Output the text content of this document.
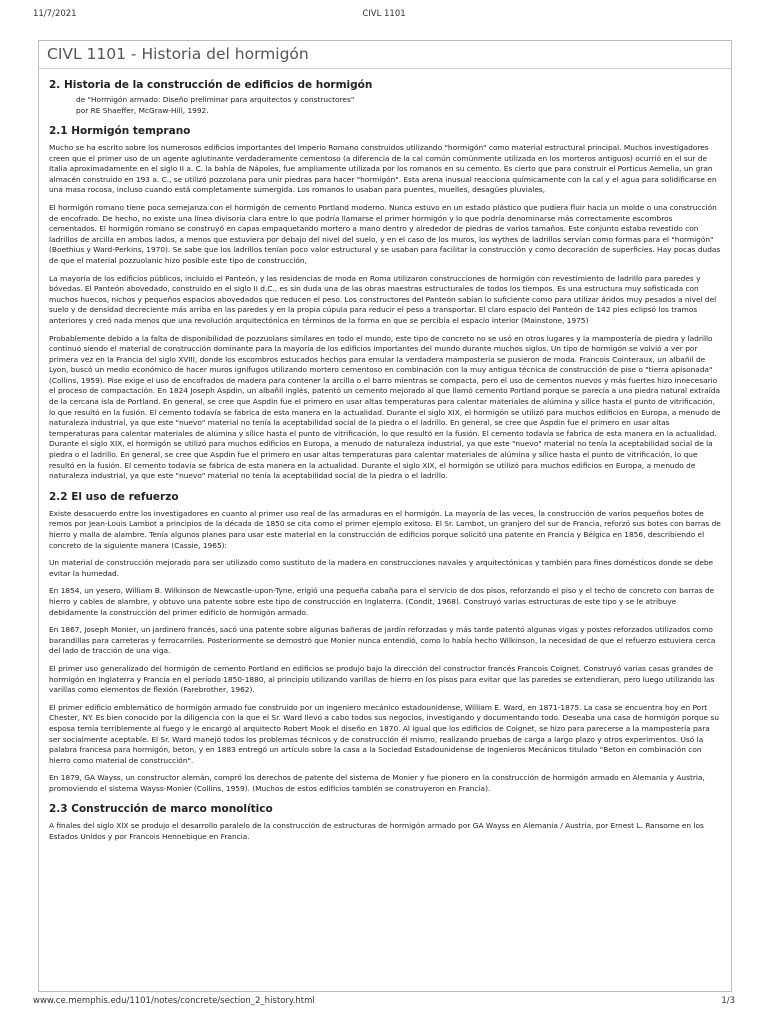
11/7/2021	CIVL 1101
CIVL 1101 - Historia del hormigón
2. Historia de la construcción de edificios de hormigón
de "Hormigón armado: Diseño preliminar para arquitectos y constructores"
por RE Shaeffer, McGraw-Hill, 1992.
2.1 Hormigón temprano

Mucho se ha escrito sobre los numerosos edificios importantes del Imperio Romano construidos utilizando "hormigón" como material estructural principal. Muchos investigadores creen que el primer uso de un agente aglutinante verdaderamente cementoso (a diferencia de la cal común comúnmente utilizada en los morteros antiguos) ocurrió en el sur de Italia aproximadamente en el siglo II a. C. la bahía de Nápoles, fue ampliamente utilizada por los romanos en su cemento. Es cierto que para construir el Porticus Aemelia, un gran almacén construido en 193 a. C., se utilizó pozzolana para unir piedras para hacer "hormigón". Esta arena inusual reacciona químicamente con la cal y el agua para solidificarse en una masa rocosa, incluso cuando está completamente sumergida. Los romanos lo usaban para puentes, muelles, desagües pluviales,

El hormigón romano tiene poca semejanza con el hormigón de cemento Portland moderno. Nunca estuvo en un estado plástico que pudiera fluir hacia un molde o una construcción de encofrado. De hecho, no existe una línea divisoria clara entre lo que podría llamarse el primer hormigón y lo que podría denominarse más correctamente escombros cementados. El hormigón romano se construyó en capas empaquetando mortero a mano dentro y alrededor de piedras de varios tamaños. Este conjunto estaba revestido con ladrillos de arcilla en ambos lados, a menos que estuviera por debajo del nivel del suelo, y en el caso de los muros, los wythes de ladrillos servían como formas para el "hormigón" (Boethius y Ward-Perkins, 1970). Se sabe que los ladrillos tenían poco valor estructural y se usaban para facilitar la construcción y como decoración de superficies. Hay pocas dudas de que el material pozzuolanic hizo posible este tipo de construcción,

La mayoría de los edificios públicos, incluido el Panteón, y las residencias de moda en Roma utilizaron construcciones de hormigón con revestimiento de ladrillo para paredes y bóvedas. El Panteón abovedado, construido en el siglo II d.C., es sin duda una de las obras maestras estructurales de todos los tiempos. Es una estructura muy sofisticada con muchos huecos, nichos y pequeños espacios abovedados que reducen el peso. Los constructores del Panteón sabían lo suficiente como para utilizar áridos muy pesados a nivel del suelo y de densidad decreciente más arriba en las paredes y en la propia cúpula para reducir el peso a transportar. El claro espacio del Panteón de 142 pies eclipsó los tramos anteriores y creó nada menos que una revolución arquitectónica en términos de la forma en que se percibía el espacio interior (Mainstone, 1975)

Probablemente debido a la falta de disponibilidad de pozzuolans similares en todo el mundo, este tipo de concreto no se usó en otros lugares y la mampostería de piedra y ladrillo continuó siendo el material de construcción dominante para la mayoría de los edificios importantes del mundo durante muchos siglos. Un tipo de hormigón se volvió a ver por primera vez en la Francia del siglo XVIII, donde los escombros estucados hechos para emular la verdadera mampostería se pusieron de moda. Francois Cointeraux, un albañil de Lyon, buscó un medio económico de hacer muros ignífugos utilizando mortero cementoso en combinación con la muy antigua técnica de construcción de pise o "tierra apisonada" (Collins, 1959). Pise exige el uso de encofrados de madera para contener la arcilla o el barro mientras se compacta, pero el uso de cementos nuevos y más fuertes hizo innecesario el proceso de compactación. En 1824 Joseph Aspdin, un albañil inglés, patentó un cemento mejorado al que llamó cemento Portland porque se parecía a una piedra natural extraída de la cercana isla de Portland. En general, se cree que Aspdin fue el primero en usar altas temperaturas para calentar materiales de alúmina y sílice hasta el punto de vitrificación, lo que resultó en la fusión. El cemento todavía se fabrica de esta manera en la actualidad. Durante el siglo XIX, el hormigón se utilizó para muchos edificios en Europa, a menudo de naturaleza industrial, ya que este "nuevo" material no tenía la aceptabilidad social de la piedra o el ladrillo. En general, se cree que Aspdin fue el primero en usar altas temperaturas para calentar materiales de alúmina y sílice hasta el punto de vitrificación, lo que resultó en la fusión. El cemento todavía se fabrica de esta manera en la actualidad. Durante el siglo XIX, el hormigón se utilizó para muchos edificios en Europa, a menudo de naturaleza industrial, ya que este "nuevo" material no tenía la aceptabilidad social de la piedra o el ladrillo. En general, se cree que Aspdin fue el primero en usar altas temperaturas para calentar materiales de alúmina y sílice hasta el punto de vitrificación, lo que resultó en la fusión. El cemento todavía se fabrica de esta manera en la actualidad. Durante el siglo XIX, el hormigón se utilizó para muchos edificios en Europa, a menudo de naturaleza industrial, ya que este "nuevo" material no tenía la aceptabilidad social de la piedra o el ladrillo.

2.2 El uso de refuerzo

Existe desacuerdo entre los investigadores en cuanto al primer uso real de las armaduras en el hormigón. La mayoría de las veces, la construcción de varios pequeños botes de remos por Jean-Louis Lambot a principios de la década de 1850 se cita como el primer ejemplo exitoso. El Sr. Lambot, un granjero del sur de Francia, reforzó sus botes con barras de hierro y malla de alambre. Tenía algunos planes para usar este material en la construcción de edificios porque solicitó una patente en Francia y Bélgica en 1856, describiendo el concreto de la siguiente manera (Cassie, 1965):

Un material de construcción mejorado para ser utilizado como sustituto de la madera en construcciones navales y arquitectónicas y también para fines domésticos donde se debe evitar la humedad.

En 1854, un yesero, William B. Wilkinson de Newcastle-upon-Tyne, erigió una pequeña cabaña para el servicio de dos pisos, reforzando el piso y el techo de concreto con barras de hierro y cables de alambre, y obtuvo una patente sobre este tipo de construcción en Inglaterra. (Condit, 1968). Construyó varias estructuras de este tipo y se le atribuye debidamente la construcción del primer edificio de hormigón armado.

En 1867, Joseph Monier, un jardinero francés, sacó una patente sobre algunas bañeras de jardín reforzadas y más tarde patentó algunas vigas y postes reforzados utilizados como barandillas para carreteras y ferrocarriles. Posteriormente se demostró que Monier nunca entendió, como lo había hecho Wilkinson, la necesidad de que el refuerzo estuviera cerca del lado de tracción de una viga.

El primer uso generalizado del hormigón de cemento Portland en edificios se produjo bajo la dirección del constructor francés Francois Coignet. Construyó varias casas grandes de hormigón en Inglaterra y Francia en el período 1850-1880, al principio utilizando varillas de hierro en los pisos para evitar que las paredes se extendieran, pero luego utilizando las varillas como elementos de flexión (Farebrother, 1962).

El primer edificio emblemático de hormigón armado fue construido por un ingeniero mecánico estadounidense, William E. Ward, en 1871-1875. La casa se encuentra hoy en Port Chester, NY. Es bien conocido por la diligencia con la que el Sr. Ward llevó a cabo todos sus negocios, investigando y documentando todo. Deseaba una casa de hormigón porque su esposa temía terriblemente al fuego y le encargó al arquitecto Robert Mook el diseño en 1870. Al igual que los edificios de Coignet, se hizo para parecerse a la mampostería para ser socialmente aceptable. El Sr. Ward manejó todos los problemas técnicos y de construcción él mismo, realizando pruebas de carga a largo plazo y otros experimentos. Usó la palabra francesa para hormigón, beton, y en 1883 entregó un artículo sobre la casa a la Sociedad Estadounidense de Ingenieros Mecánicos titulado "Beton en combinación con hierro como material de construcción".

En 1879, GA Wayss, un constructor alemán, compró los derechos de patente del sistema de Monier y fue pionero en la construcción de hormigón armado en Alemania y Austria, promoviendo el sistema Wayss-Monier (Collins, 1959). (Muchos de estos edificios también se construyeron en Francia).

2.3 Construcción de marco monolítico

A finales del siglo XIX se produjo el desarrollo paralelo de la construcción de estructuras de hormigón armado por GA Wayss en Alemania / Austria, por Ernest L. Ransome en los Estados Unidos y por Francois Hennebique en Francia.

www.ce.memphis.edu/1101/notes/concrete/section_2_history.html	1/3
